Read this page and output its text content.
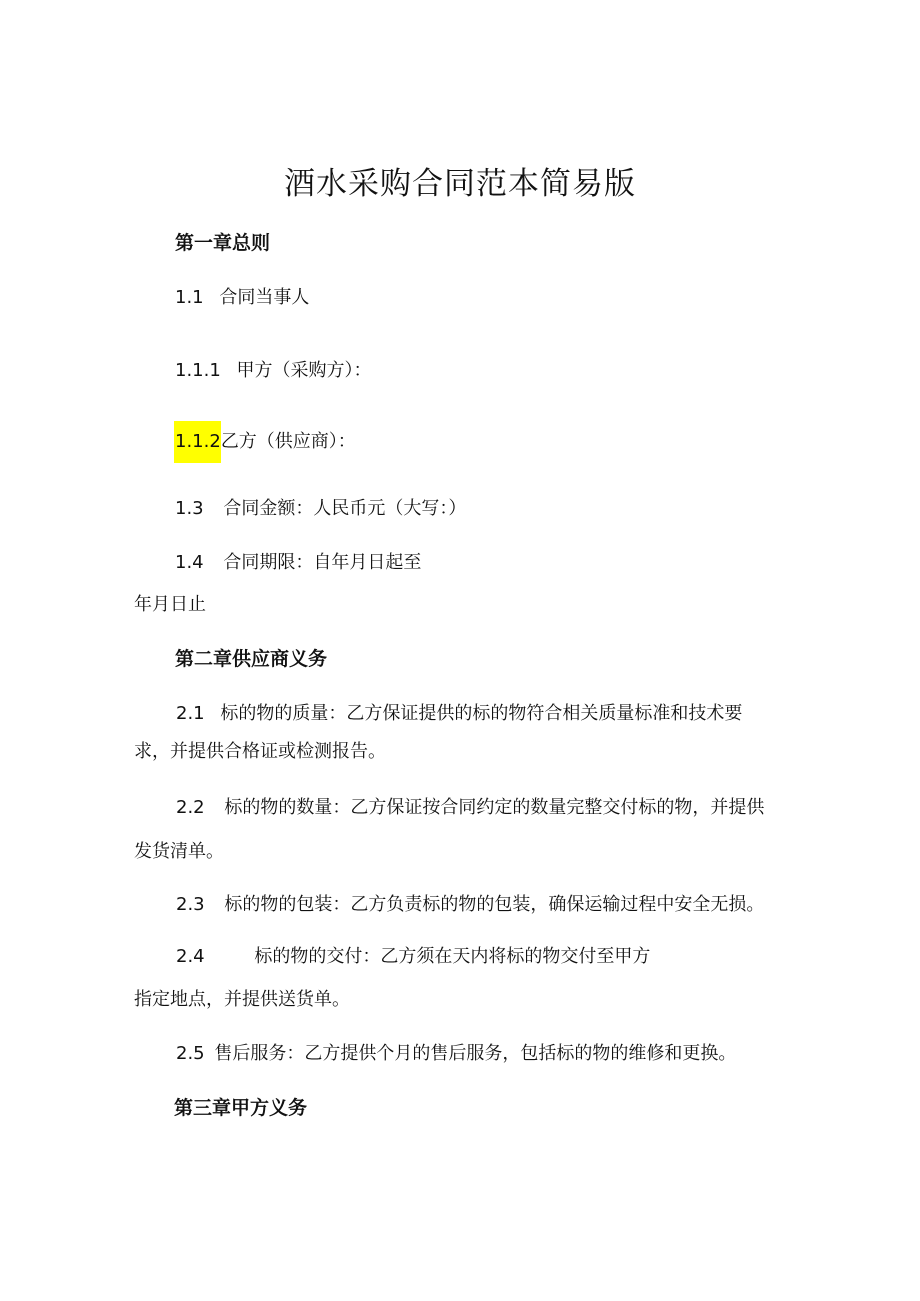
酒水采购合同范本简易版
第一章总则
1.1 合同当事人
1.1.1 甲方（采购方）：
1.1.2乙方（供应商）：
1.3 合同金额：人民币元（大写：）
1.4 合同期限：自年月日起至
年月日止
第二章供应商义务
2.1 标的物的质量：乙方保证提供的标的物符合相关质量标准和技术要
求，并提供合格证或检测报告。
2.2 标的物的数量：乙方保证按合同约定的数量完整交付标的物，并提供
发货清单。
2.3 标的物的包装：乙方负责标的物的包装，确保运输过程中安全无损。
2.4	标的物的交付：乙方须在天内将标的物交付至甲方
指定地点，并提供送货单。
2.5 售后服务：乙方提供个月的售后服务，包括标的物的维修和更换。
第三章甲方义务
